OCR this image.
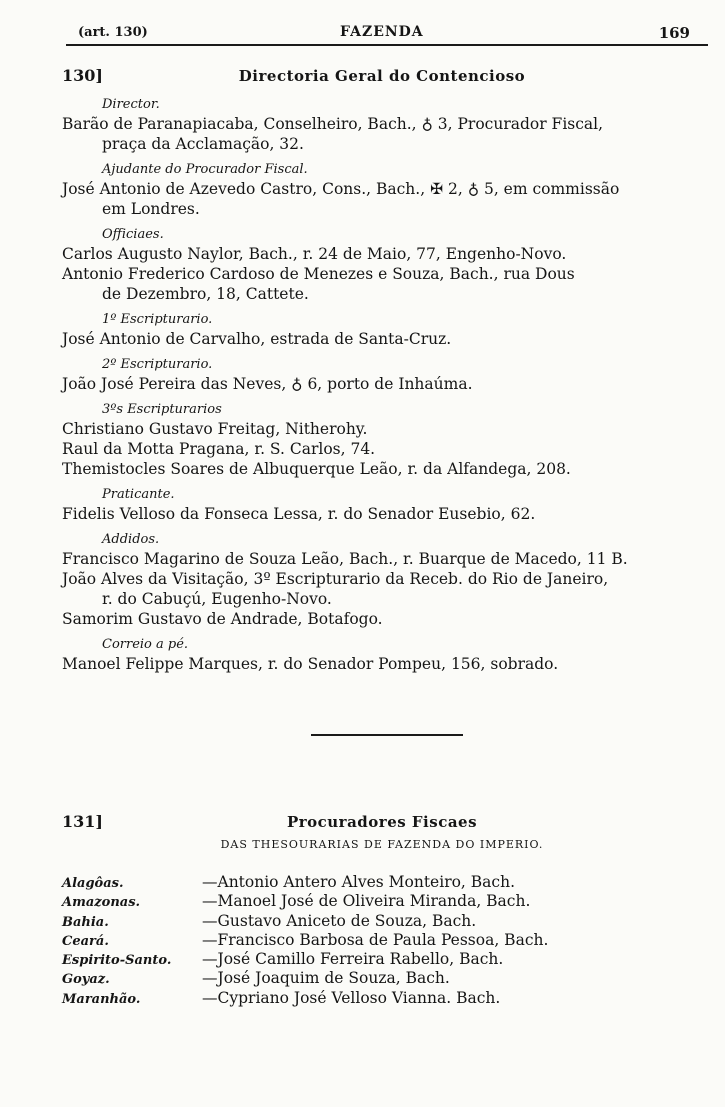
(art. 130)	FAZENDA	169
130]	Directoria Geral do Contencioso
Director.
Barão de Paranapiacaba, Conselheiro, Bach., ♁ 3, Procurador Fiscal,
praça da Acclamação, 32.
Ajudante do Procurador Fiscal.
José Antonio de Azevedo Castro, Cons., Bach., ✠ 2, ♁ 5, em commissão
em Londres.
Officiaes.
Carlos Augusto Naylor, Bach., r. 24 de Maio, 77, Engenho-Novo.
Antonio Frederico Cardoso de Menezes e Souza, Bach., rua Dous
de Dezembro, 18, Cattete.
1º Escripturario.
José Antonio de Carvalho, estrada de Santa-Cruz.
2º Escripturario.
João José Pereira das Neves, ♁ 6, porto de Inhaúma.
3ºs Escripturarios
Christiano Gustavo Freitag, Nitherohy.
Raul da Motta Pragana, r. S. Carlos, 74.
Themistocles Soares de Albuquerque Leão, r. da Alfandega, 208.
Praticante.
Fidelis Velloso da Fonseca Lessa, r. do Senador Eusebio, 62.
Addidos.
Francisco Magarino de Souza Leão, Bach., r. Buarque de Macedo, 11 B.
João Alves da Visitação, 3º Escripturario da Receb. do Rio de Janeiro,
r. do Cabuçú, Eugenho-Novo.
Samorim Gustavo de Andrade, Botafogo.
Correio a pé.
Manoel Felippe Marques, r. do Senador Pompeu, 156, sobrado.
131]	Procuradores Fiscaes
DAS THESOURARIAS DE FAZENDA DO IMPERIO.
Alagôas.	—Antonio Antero Alves Monteiro, Bach.
Amazonas.	—Manoel José de Oliveira Miranda, Bach.
Bahia.	—Gustavo Aniceto de Souza, Bach.
Ceará.	—Francisco Barbosa de Paula Pessoa, Bach.
Espirito-Santo. —José Camillo Ferreira Rabello, Bach.
Goyaz.	—José Joaquim de Souza, Bach.
Maranhão.	—Cypriano José Velloso Vianna. Bach.
